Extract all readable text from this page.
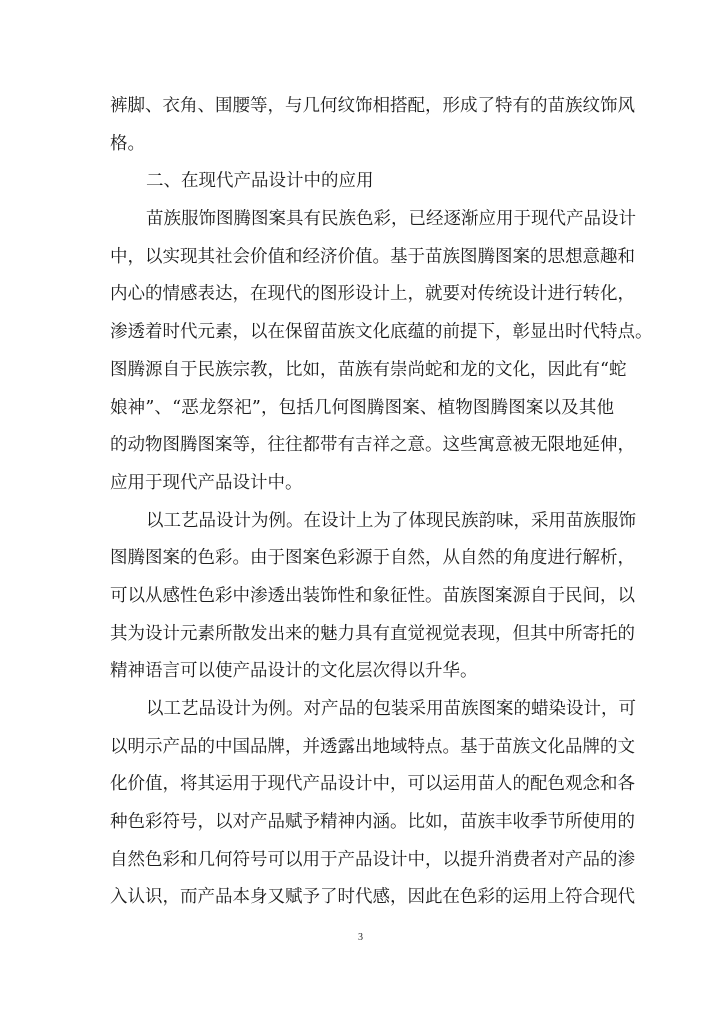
裤脚、衣角、围腰等，与几何纹饰相搭配，形成了特有的苗族纹饰风
格。
二、在现代产品设计中的应用
苗族服饰图腾图案具有民族色彩，已经逐渐应用于现代产品设计
中，以实现其社会价值和经济价值。基于苗族图腾图案的思想意趣和
内心的情感表达，在现代的图形设计上，就要对传统设计进行转化，
渗透着时代元素，以在保留苗族文化底蕴的前提下，彰显出时代特点。
图腾源自于民族宗教，比如，苗族有崇尚蛇和龙的文化，因此有“蛇
娘神”、“恶龙祭祀”，包括几何图腾图案、植物图腾图案以及其他
的动物图腾图案等，往往都带有吉祥之意。这些寓意被无限地延伸，
应用于现代产品设计中。
以工艺品设计为例。在设计上为了体现民族韵味，采用苗族服饰
图腾图案的色彩。由于图案色彩源于自然，从自然的角度进行解析，
可以从感性色彩中渗透出装饰性和象征性。苗族图案源自于民间，以
其为设计元素所散发出来的魅力具有直觉视觉表现，但其中所寄托的
精神语言可以使产品设计的文化层次得以升华。
以工艺品设计为例。对产品的包装采用苗族图案的蜡染设计，可
以明示产品的中国品牌，并透露出地域特点。基于苗族文化品牌的文
化价值，将其运用于现代产品设计中，可以运用苗人的配色观念和各
种色彩符号，以对产品赋予精神内涵。比如，苗族丰收季节所使用的
自然色彩和几何符号可以用于产品设计中，以提升消费者对产品的渗
入认识，而产品本身又赋予了时代感，因此在色彩的运用上符合现代
3
